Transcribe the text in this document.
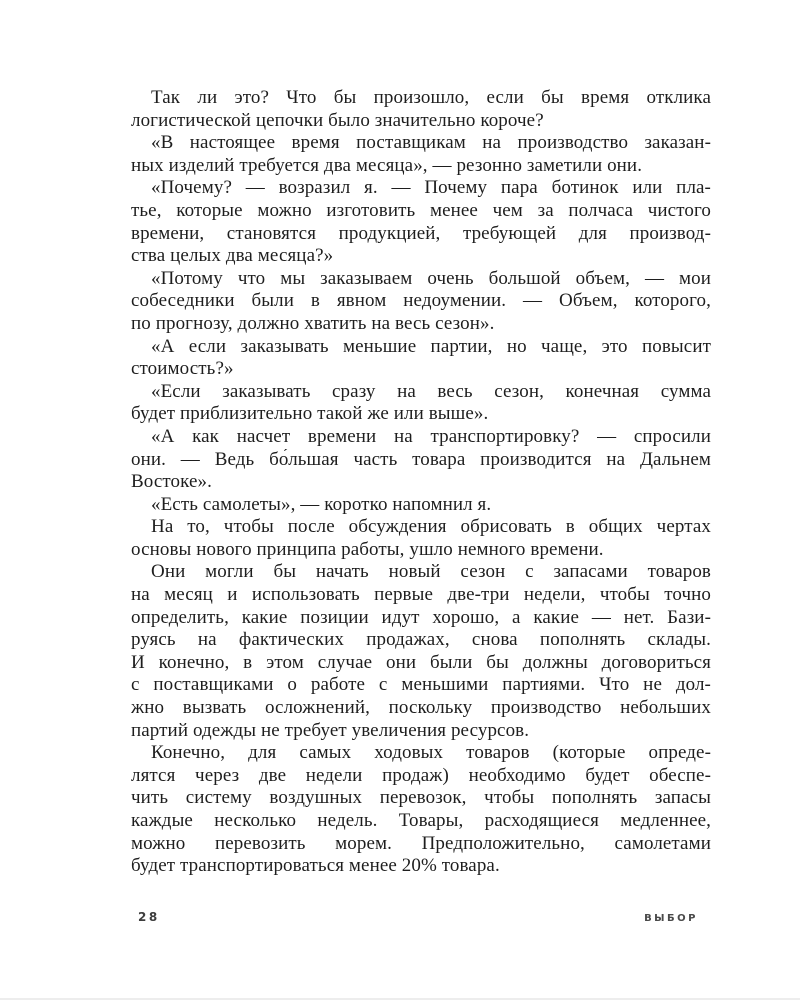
Так ли это? Что бы произошло, если бы время отклика
логистической цепочки было значительно короче?

«В настоящее время поставщикам на производство заказан-
ных изделий требуется два месяца», — резонно заметили они.

«Почему? — возразил я. — Почему пара ботинок или пла-
тье, которые можно изготовить менее чем за полчаса чистого
времени, становятся продукцией, требующей для производ-
ства целых два месяца?»

«Потому что мы заказываем очень большой объем, — мои
собеседники были в явном недоумении. — Объем, которого,
по прогнозу, должно хватить на весь сезон».

«А если заказывать меньшие партии, но чаще, это повысит
стоимость?»

«Если заказывать сразу на весь сезон, конечная сумма
будет приблизительно такой же или выше».

«А как насчет времени на транспортировку? — спросили
они. — Ведь бо́льшая часть товара производится на Дальнем
Востоке».

«Есть самолеты», — коротко напомнил я.

На то, чтобы после обсуждения обрисовать в общих чертах
основы нового принципа работы, ушло немного времени.

Они могли бы начать новый сезон с запасами товаров
на месяц и использовать первые две-три недели, чтобы точно
определить, какие позиции идут хорошо, а какие — нет. Бази-
руясь на фактических продажах, снова пополнять склады.
И конечно, в этом случае они были бы должны договориться
с поставщиками о работе с меньшими партиями. Что не дол-
жно вызвать осложнений, поскольку производство небольших
партий одежды не требует увеличения ресурсов.

Конечно, для самых ходовых товаров (которые опреде-
лятся через две недели продаж) необходимо будет обеспе-
чить систему воздушных перевозок, чтобы пополнять запасы
каждые несколько недель. Товары, расходящиеся медленнее,
можно перевозить морем. Предположительно, самолетами
будет транспортироваться менее 20% товара.

28	ВЫБОР
